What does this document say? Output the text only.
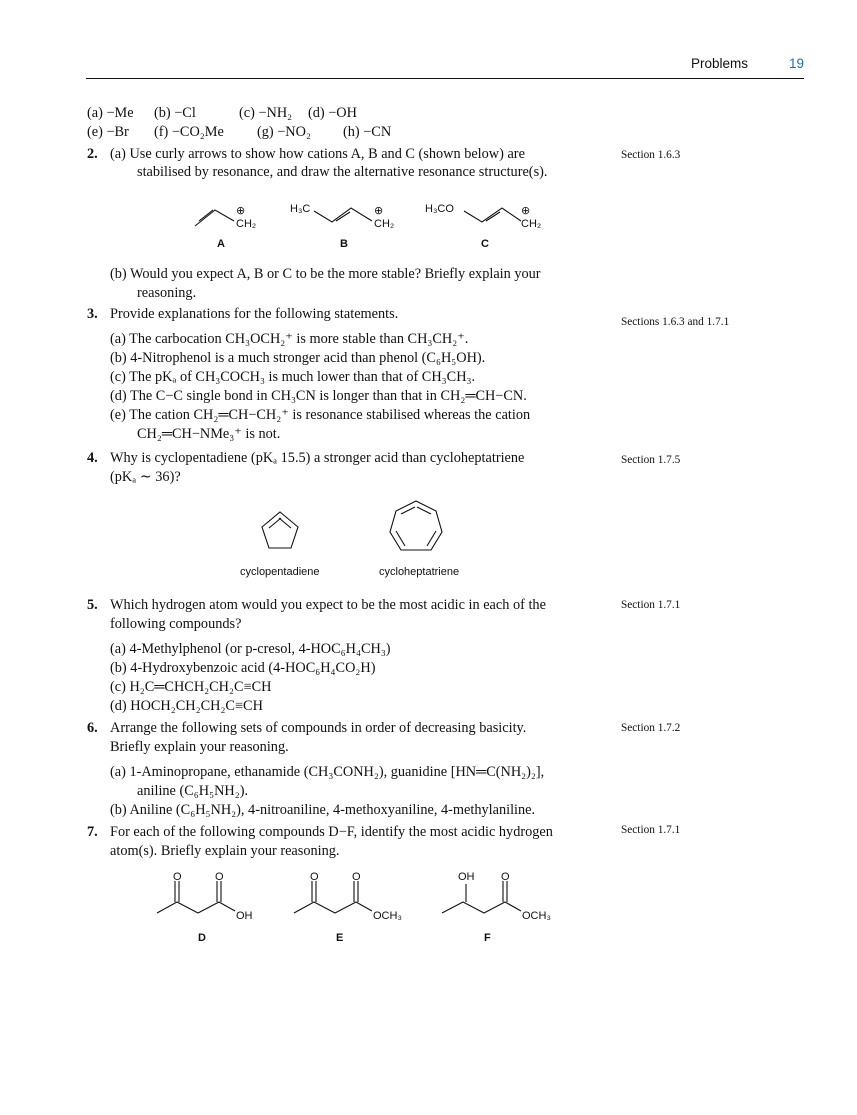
Problems	19
(a) −Me (b) −Cl	(c) −NH₂ (d) −OH
(e) −Br (f) −CO₂Me (g) −NO₂ (h) −CN
2. (a) Use curly arrows to show how cations A, B and C (shown below) are
stabilised by resonance, and draw the alternative resonance structure(s).
Section 1.6.3
⊕
CH₂
H₃C	⊕
CH₂
H₃CO	⊕
CH₂
A	B	C
(b) Would you expect A, B or C to be the more stable? Briefly explain your
reasoning.
3. Provide explanations for the following statements.	Sections 1.6.3 and 1.7.1
(a) The carbocation CH₃OCH₂⁺ is more stable than CH₃CH₂⁺.
(b) 4-Nitrophenol is a much stronger acid than phenol (C₆H₅OH).
(c) The pKₐ of CH₃COCH₃ is much lower than that of CH₃CH₃.
(d) The C−C single bond in CH₃CN is longer than that in CH₂═CH−CN.
(e) The cation CH₂═CH−CH₂⁺ is resonance stabilised whereas the cation
CH₂═CH−NMe₃⁺ is not.
4. Why is cyclopentadiene (pKₐ 15.5) a stronger acid than cycloheptatriene
(pKₐ ∼ 36)?
Section 1.7.5
cyclopentadiene	cycloheptatriene
5. Which hydrogen atom would you expect to be the most acidic in each of the
following compounds?
Section 1.7.1
(a) 4-Methylphenol (or p-cresol, 4-HOC₆H₄CH₃)
(b) 4-Hydroxybenzoic acid (4-HOC₆H₄CO₂H)
(c) H₂C═CHCH₂CH₂C≡CH
(d) HOCH₂CH₂CH₂C≡CH
6. Arrange the following sets of compounds in order of decreasing basicity.
Briefly explain your reasoning.
Section 1.7.2
(a) 1-Aminopropane, ethanamide (CH₃CONH₂), guanidine [HN═C(NH₂)₂],
aniline (C₆H₅NH₂).
(b) Aniline (C₆H₅NH₂), 4-nitroaniline, 4-methoxyaniline, 4-methylaniline.
7. For each of the following compounds D−F, identify the most acidic hydrogen
atom(s). Briefly explain your reasoning.
Section 1.7.1
O	O
OH
O	O
OCH₃
OH O
OCH₃
D	E	F
